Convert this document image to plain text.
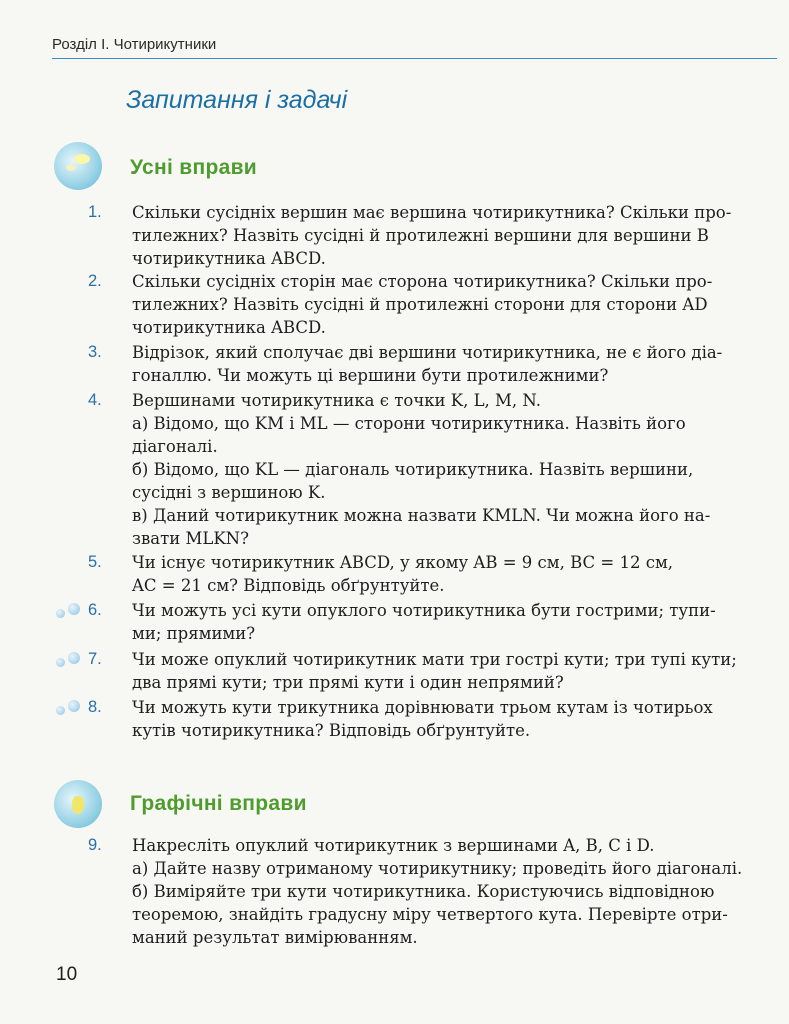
Розділ І. Чотирикутники
Запитання і задачі
Усні вправи
1. Скільки сусідніх вершин має вершина чотирикутника? Скільки про-
тилежних? Назвіть сусідні й протилежні вершини для вершини B
чотирикутника ABCD.
2. Скільки сусідніх сторін має сторона чотирикутника? Скільки про-
тилежних? Назвіть сусідні й протилежні сторони для сторони AD
чотирикутника ABCD.
3. Відрізок, який сполучає дві вершини чотирикутника, не є його діа-
гоналлю. Чи можуть ці вершини бути протилежними?
4. Вершинами чотирикутника є точки K, L, M, N.
а) Відомо, що KM і ML — сторони чотирикутника. Назвіть його
діагоналі.
б) Відомо, що KL — діагональ чотирикутника. Назвіть вершини,
сусідні з вершиною K.
в) Даний чотирикутник можна назвати KMLN. Чи можна його на-
звати MLKN?
5. Чи існує чотирикутник ABCD, у якому AB = 9 см, BC = 12 см,
AC = 21 см? Відповідь обґрунтуйте.
6. Чи можуть усі кути опуклого чотирикутника бути гострими; тупи-
ми; прямими?
7. Чи може опуклий чотирикутник мати три гострі кути; три тупі кути;
два прямі кути; три прямі кути і один непрямий?
8. Чи можуть кути трикутника дорівнювати трьом кутам із чотирьох
кутів чотирикутника? Відповідь обґрунтуйте.
Графічні вправи
9. Накресліть опуклий чотирикутник з вершинами A, B, C і D.
а) Дайте назву отриманому чотирикутнику; проведіть його діагоналі.
б) Виміряйте три кути чотирикутника. Користуючись відповідною
теоремою, знайдіть градусну міру четвертого кута. Перевірте отри-
маний результат вимірюванням.
10
